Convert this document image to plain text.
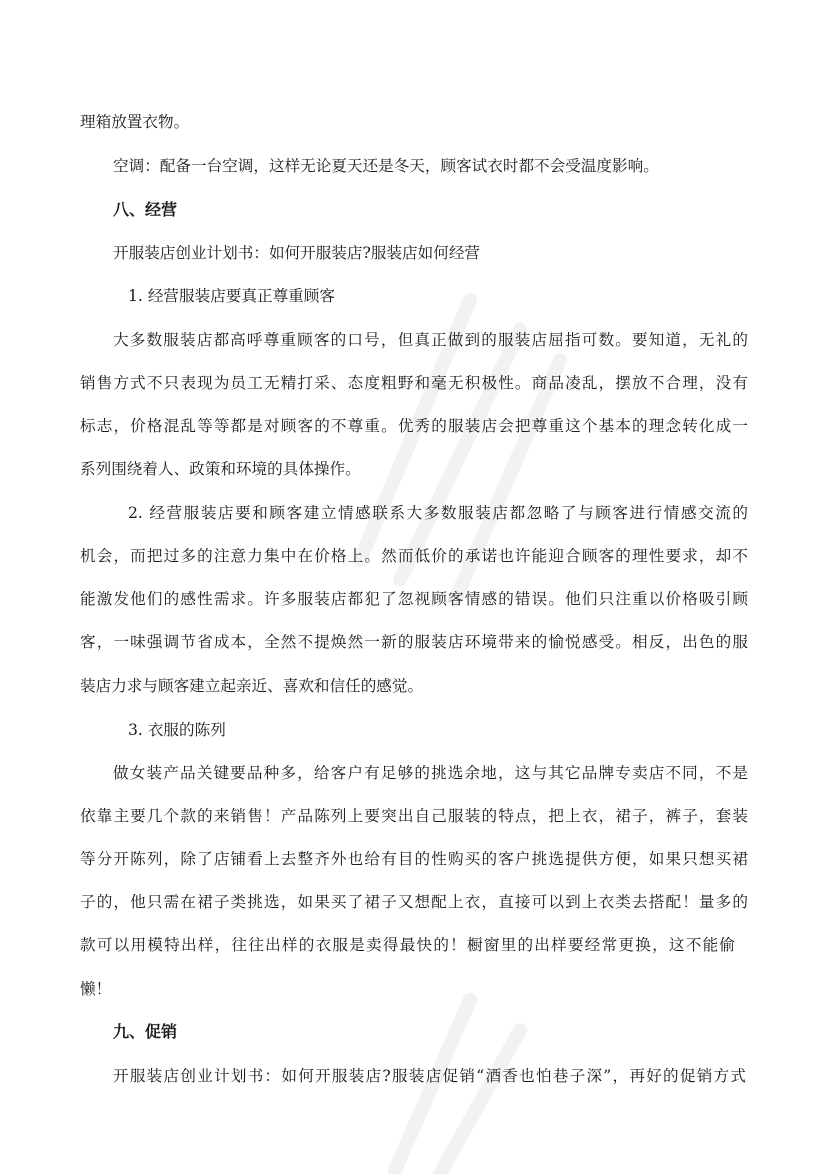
理箱放置衣物。
空调：配备一台空调，这样无论夏天还是冬天，顾客试衣时都不会受温度影响。
八、经营
开服装店创业计划书：如何开服装店?服装店如何经营
1. 经营服装店要真正尊重顾客
大多数服装店都高呼尊重顾客的口号，但真正做到的服装店屈指可数。要知道，无礼的
销售方式不只表现为员工无精打采、态度粗野和毫无积极性。商品凌乱，摆放不合理，没有
标志，价格混乱等等都是对顾客的不尊重。优秀的服装店会把尊重这个基本的理念转化成一
系列围绕着人、政策和环境的具体操作。
2. 经营服装店要和顾客建立情感联系大多数服装店都忽略了与顾客进行情感交流的
机会，而把过多的注意力集中在价格上。然而低价的承诺也许能迎合顾客的理性要求，却不
能激发他们的感性需求。许多服装店都犯了忽视顾客情感的错误。他们只注重以价格吸引顾
客，一味强调节省成本，全然不提焕然一新的服装店环境带来的愉悦感受。相反，出色的服
装店力求与顾客建立起亲近、喜欢和信任的感觉。
3. 衣服的陈列
做女装产品关键要品种多，给客户有足够的挑选余地，这与其它品牌专卖店不同，不是
依靠主要几个款的来销售！产品陈列上要突出自己服装的特点，把上衣，裙子，裤子，套装
等分开陈列，除了店铺看上去整齐外也给有目的性购买的客户挑选提供方便，如果只想买裙
子的，他只需在裙子类挑选，如果买了裙子又想配上衣，直接可以到上衣类去搭配！量多的
款可以用模特出样，往往出样的衣服是卖得最快的！橱窗里的出样要经常更换，这不能偷
懒！
九、促销
开服装店创业计划书：如何开服装店?服装店促销“酒香也怕巷子深”，再好的促销方式
